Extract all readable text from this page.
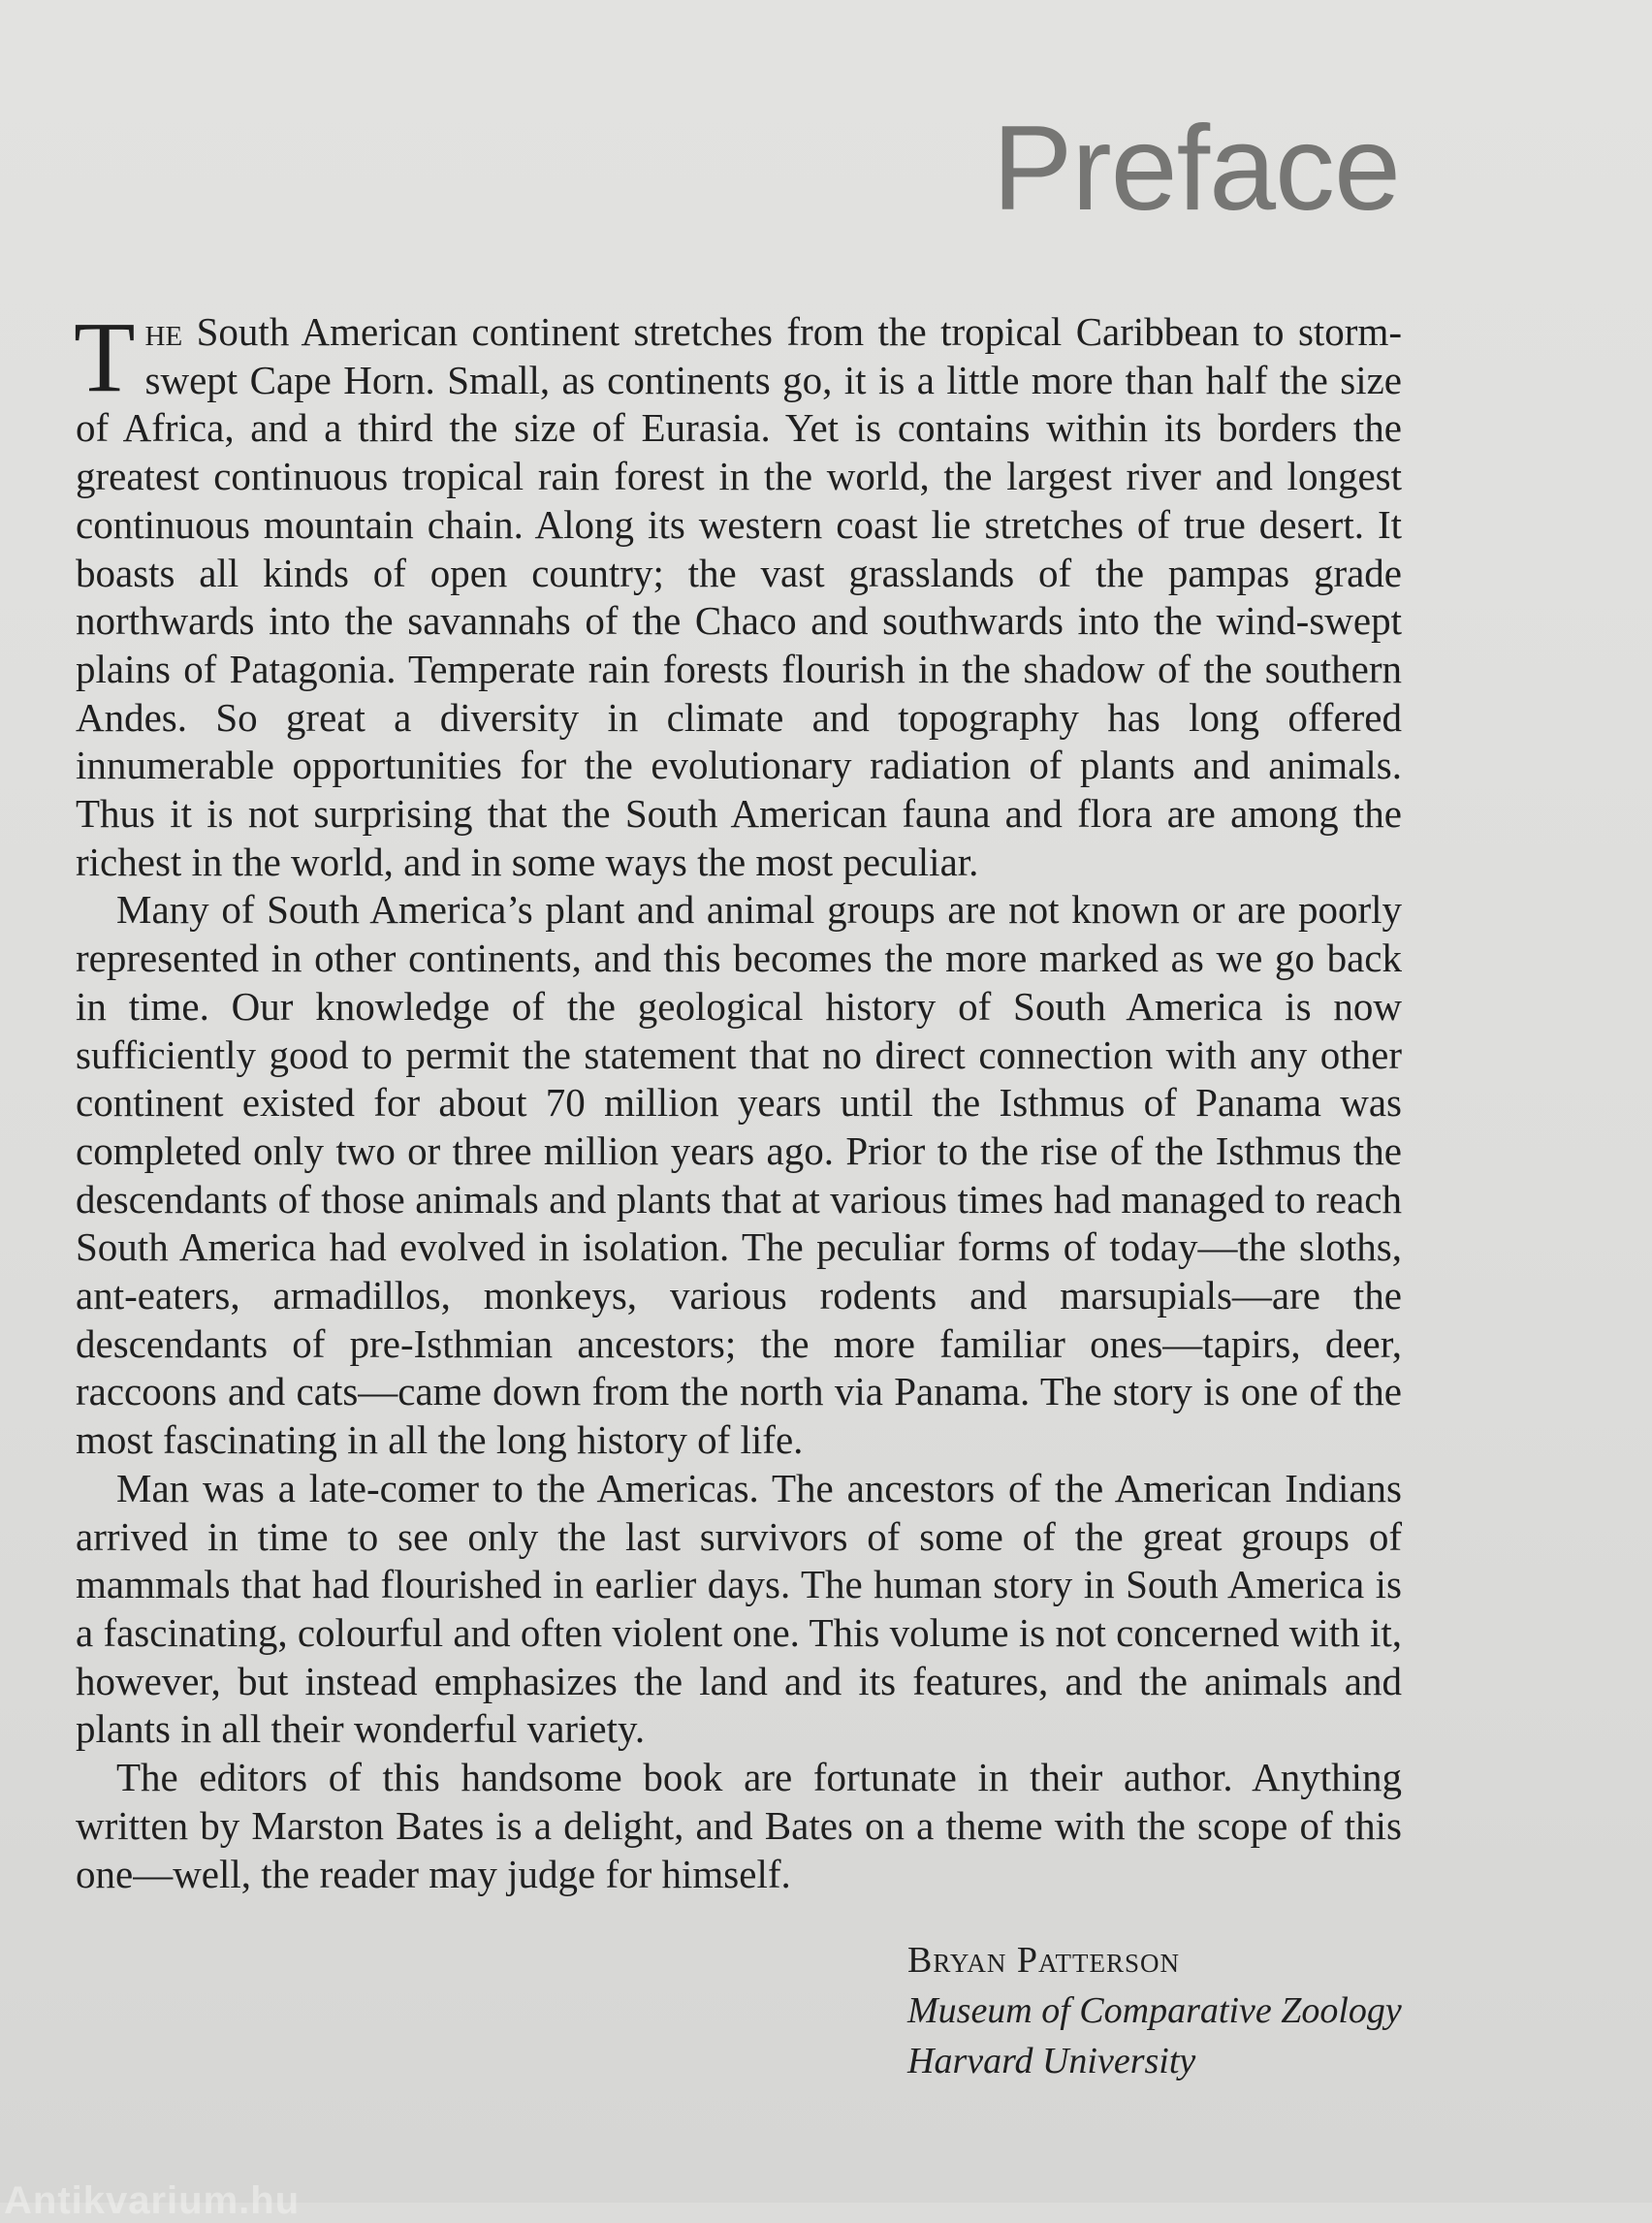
Preface

The South American continent stretches from the tropical Caribbean to storm-swept Cape Horn. Small, as continents go, it is a little more than half the size of Africa, and a third the size of Eurasia. Yet is contains within its borders the greatest continuous tropical rain forest in the world, the largest river and longest continuous mountain chain. Along its western coast lie stretches of true desert. It boasts all kinds of open country; the vast grasslands of the pampas grade northwards into the savannahs of the Chaco and southwards into the wind-swept plains of Patagonia. Temperate rain forests flourish in the shadow of the southern Andes. So great a diversity in climate and topography has long offered innumerable opportunities for the evolutionary radiation of plants and animals. Thus it is not surprising that the South American fauna and flora are among the richest in the world, and in some ways the most peculiar.

Many of South America’s plant and animal groups are not known or are poorly represented in other continents, and this becomes the more marked as we go back in time. Our knowledge of the geological history of South America is now sufficiently good to permit the statement that no direct connection with any other continent existed for about 70 million years until the Isthmus of Panama was completed only two or three million years ago. Prior to the rise of the Isthmus the descendants of those animals and plants that at various times had managed to reach South America had evolved in isolation. The peculiar forms of today—the sloths, ant-eaters, armadillos, monkeys, various rodents and marsupials—are the descendants of pre-Isthmian ancestors; the more familiar ones—tapirs, deer, raccoons and cats—came down from the north via Panama. The story is one of the most fascinating in all the long history of life.

Man was a late-comer to the Americas. The ancestors of the American Indians arrived in time to see only the last survivors of some of the great groups of mammals that had flourished in earlier days. The human story in South America is a fascinating, colourful and often violent one. This volume is not concerned with it, however, but instead emphasizes the land and its features, and the animals and plants in all their wonderful variety.

The editors of this handsome book are fortunate in their author. Anything written by Marston Bates is a delight, and Bates on a theme with the scope of this one—well, the reader may judge for himself.

Bryan Patterson
Museum of Comparative Zoology
Harvard University
Antikvarium.hu
